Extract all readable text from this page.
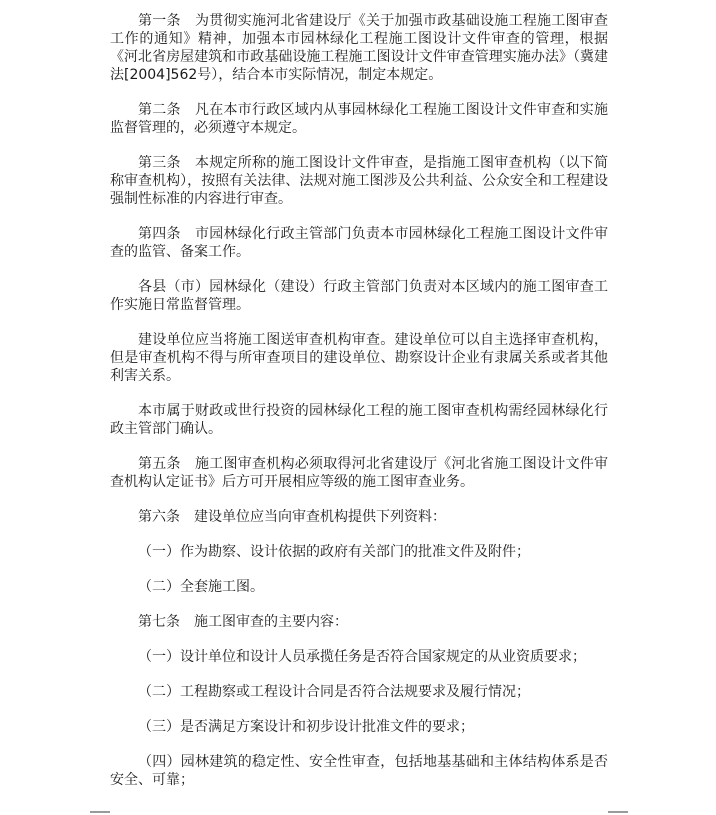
第一条　为贯彻实施河北省建设厅《关于加强市政基础设施工程施工图审查工作的通知》精神，加强本市园林绿化工程施工图设计文件审查的管理，根据《河北省房屋建筑和市政基础设施工程施工图设计文件审查管理实施办法》（冀建法[2004]562号），结合本市实际情况，制定本规定。

第二条　凡在本市行政区域内从事园林绿化工程施工图设计文件审查和实施监督管理的，必须遵守本规定。

第三条　本规定所称的施工图设计文件审查，是指施工图审查机构（以下简称审查机构），按照有关法律、法规对施工图涉及公共利益、公众安全和工程建设强制性标准的内容进行审查。

第四条　市园林绿化行政主管部门负责本市园林绿化工程施工图设计文件审查的监管、备案工作。

各县（市）园林绿化（建设）行政主管部门负责对本区域内的施工图审查工作实施日常监督管理。

建设单位应当将施工图送审查机构审查。建设单位可以自主选择审查机构，但是审查机构不得与所审查项目的建设单位、勘察设计企业有隶属关系或者其他利害关系。

本市属于财政或世行投资的园林绿化工程的施工图审查机构需经园林绿化行政主管部门确认。

第五条　施工图审查机构必须取得河北省建设厅《河北省施工图设计文件审查机构认定证书》后方可开展相应等级的施工图审查业务。

第六条　建设单位应当向审查机构提供下列资料：

（一）作为勘察、设计依据的政府有关部门的批准文件及附件；

（二）全套施工图。

第七条　施工图审查的主要内容：

（一）设计单位和设计人员承揽任务是否符合国家规定的从业资质要求；

（二）工程勘察或工程设计合同是否符合法规要求及履行情况；

（三）是否满足方案设计和初步设计批准文件的要求；

（四）园林建筑的稳定性、安全性审查，包括地基基础和主体结构体系是否安全、可靠；
